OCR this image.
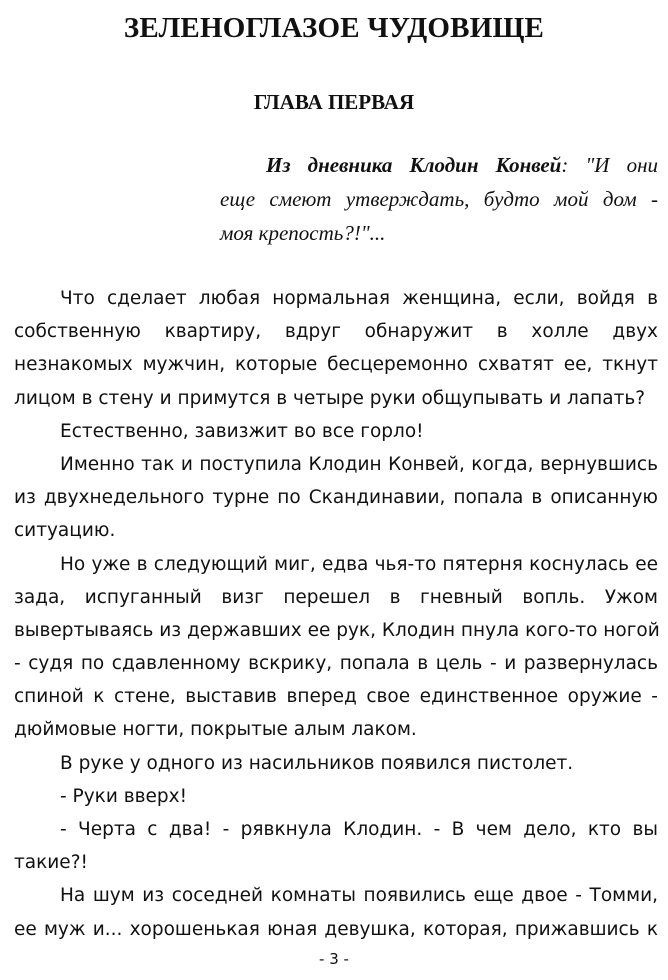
ЗЕЛЕНОГЛАЗОЕ ЧУДОВИЩЕ
ГЛАВА ПЕРВАЯ
Из дневника Клодин Конвей: "И они
еще смеют утверждать, будто мой дом -
моя крепость?!"...
Что сделает любая нормальная женщина, если, войдя в
собственную квартиру, вдруг обнаружит в холле двух
незнакомых мужчин, которые бесцеремонно схватят ее, ткнут
лицом в стену и примутся в четыре руки общупывать и лапать?
Естественно, завизжит во все горло!
Именно так и поступила Клодин Конвей, когда, вернувшись
из двухнедельного турне по Скандинавии, попала в описанную
ситуацию.
Но уже в следующий миг, едва чья-то пятерня коснулась ее
зада, испуганный визг перешел в гневный вопль. Ужом
вывертываясь из державших ее рук, Клодин пнула кого-то ногой
- судя по сдавленному вскрику, попала в цель - и развернулась
спиной к стене, выставив вперед свое единственное оружие -
дюймовые ногти, покрытые алым лаком.
В руке у одного из насильников появился пистолет.
- Руки вверх!
- Черта с два! - рявкнула Клодин. - В чем дело, кто вы
такие?!
На шум из соседней комнаты появились еще двое - Томми,
ее муж и... хорошенькая юная девушка, которая, прижавшись к
- 3 -
